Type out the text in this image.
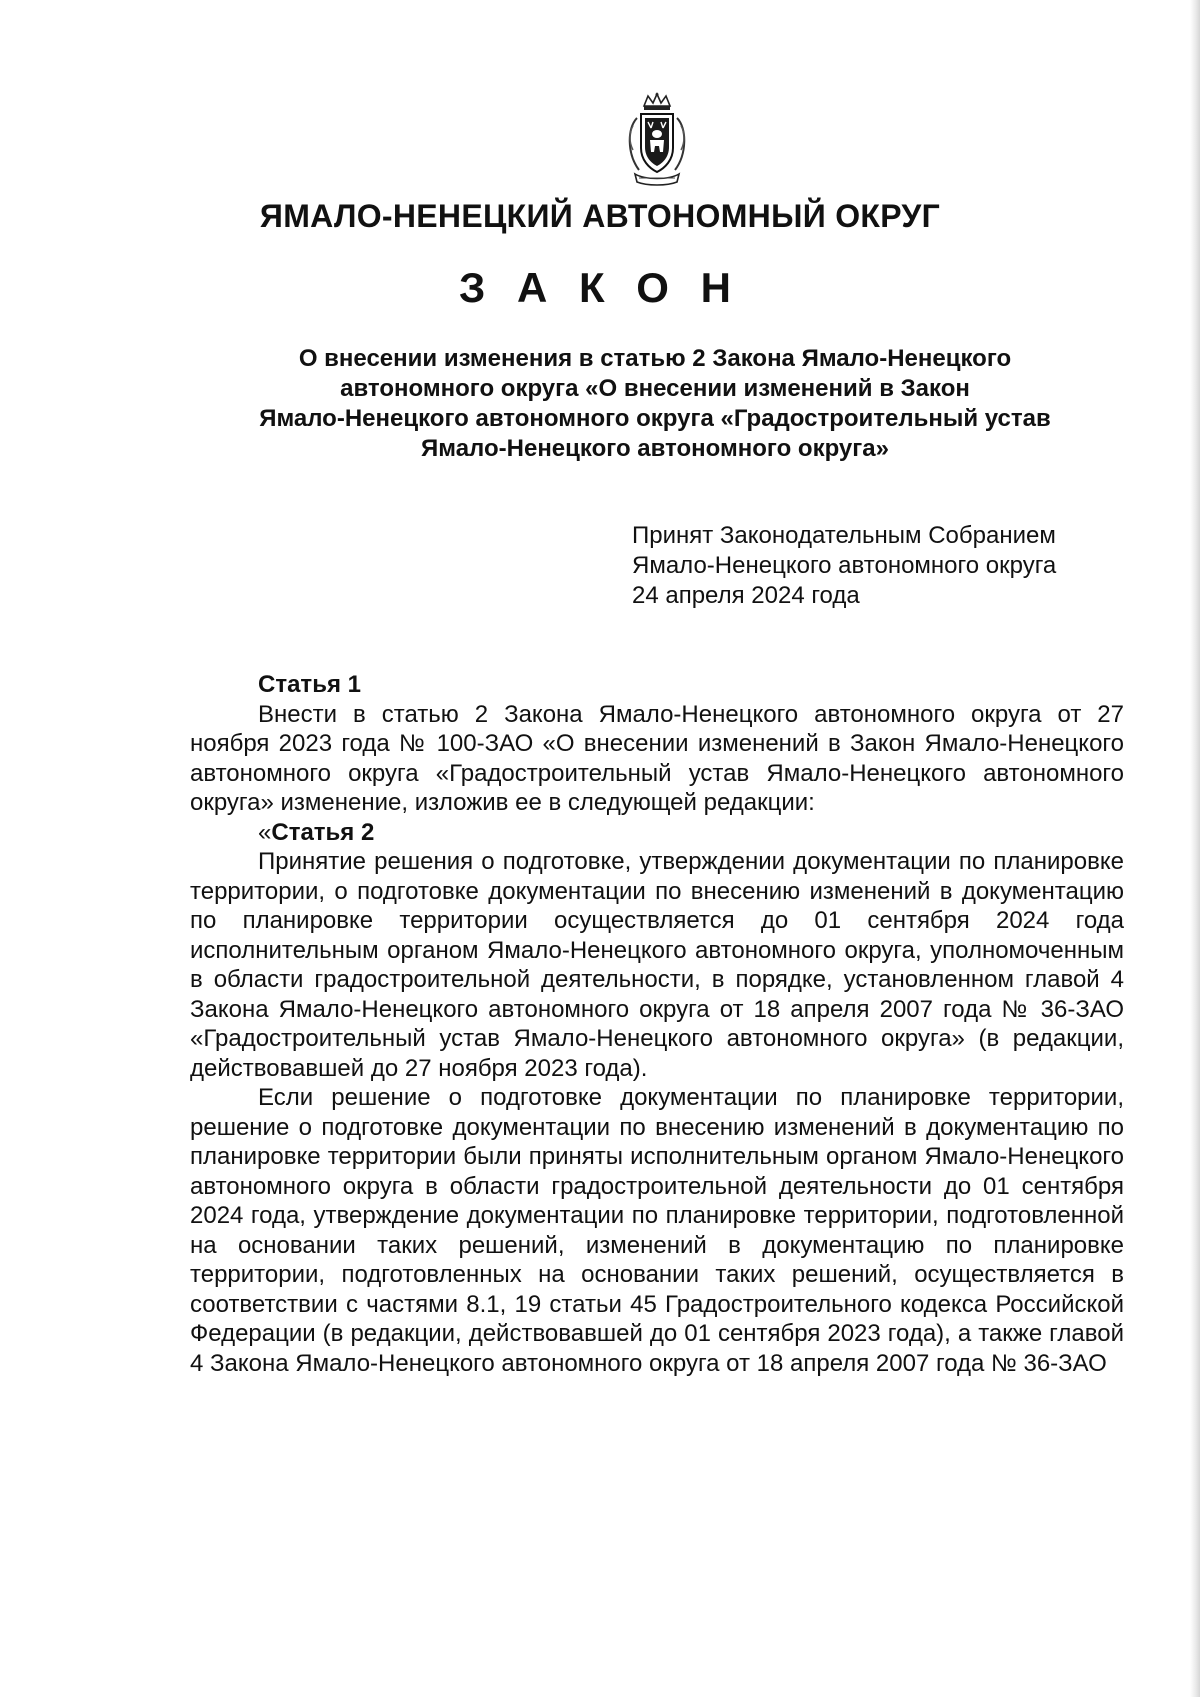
ЯМАЛО-НЕНЕЦКИЙ АВТОНОМНЫЙ ОКРУГ
З А К О Н
О внесении изменения в статью 2 Закона Ямало-Ненецкого
автономного округа «О внесении изменений в Закон
Ямало-Ненецкого автономного округа «Градостроительный устав
Ямало-Ненецкого автономного округа»
Принят Законодательным Собранием
Ямало-Ненецкого автономного округа
24 апреля 2024 года
Статья 1

Внести в статью 2 Закона Ямало-Ненецкого автономного округа от 27 ноября 2023 года № 100-ЗАО «О внесении изменений в Закон Ямало-Ненецкого автономного округа «Градостроительный устав Ямало-Ненецкого автономного округа» изменение, изложив ее в следующей редакции:

«Статья 2

Принятие решения о подготовке, утверждении документации по планировке территории, о подготовке документации по внесению изменений в документацию по планировке территории осуществляется до 01 сентября 2024 года исполнительным органом Ямало-Ненецкого автономного округа, уполномоченным в области градостроительной деятельности, в порядке, установленном главой 4 Закона Ямало-Ненецкого автономного округа от 18 апреля 2007 года № 36-ЗАО «Градостроительный устав Ямало-Ненецкого автономного округа» (в редакции, действовавшей до 27 ноября 2023 года).

Если решение о подготовке документации по планировке территории, решение о подготовке документации по внесению изменений в документацию по планировке территории были приняты исполнительным органом Ямало-Ненецкого автономного округа в области градостроительной деятельности до 01 сентября 2024 года, утверждение документации по планировке территории, подготовленной на основании таких решений, изменений в документацию по планировке территории, подготовленных на основании таких решений, осуществляется в соответствии с частями 8.1, 19 статьи 45 Градостроительного кодекса Российской Федерации (в редакции, действовавшей до 01 сентября 2023 года), а также главой 4 Закона Ямало-Ненецкого автономного округа от 18 апреля 2007 года № 36-ЗАО
